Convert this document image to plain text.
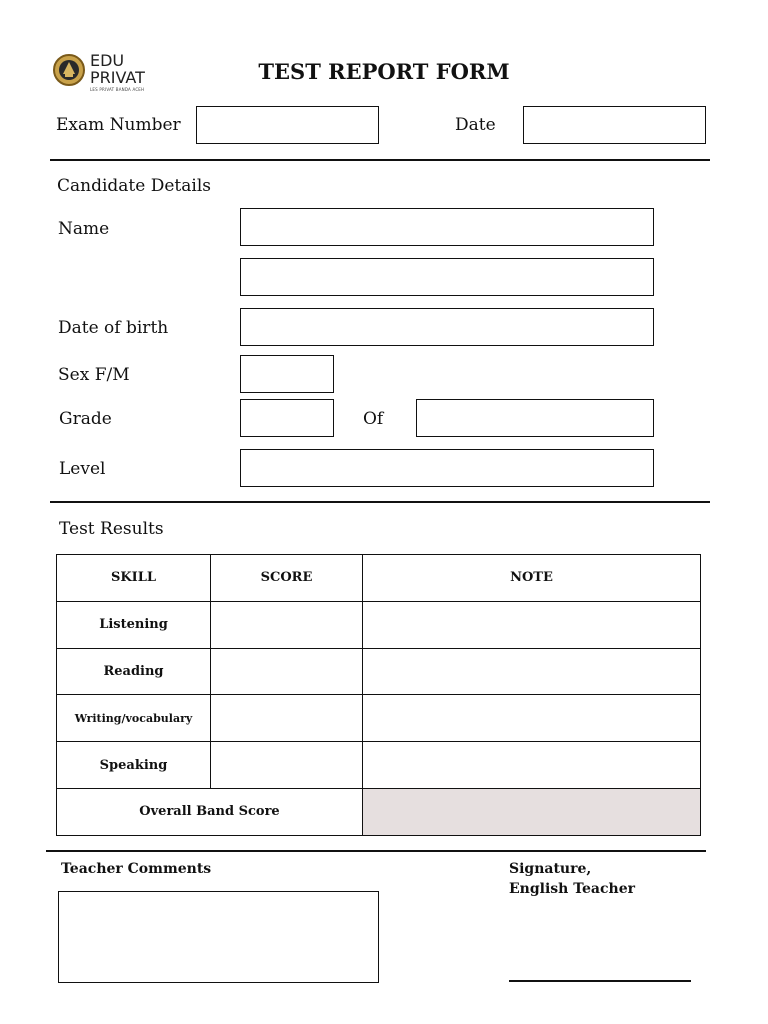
EDU
PRIVAT
LES PRIVAT BANDA ACEH
TEST REPORT FORM
Exam Number	Date
Candidate Details
Name
Date of birth
Sex F/M
Grade	Of
Level
Test Results
SKILL	SCORE	NOTE
Listening		
Reading		
Writing/vocabulary		
Speaking		
Overall Band Score		
Teacher Comments	Signature,
English Teacher
